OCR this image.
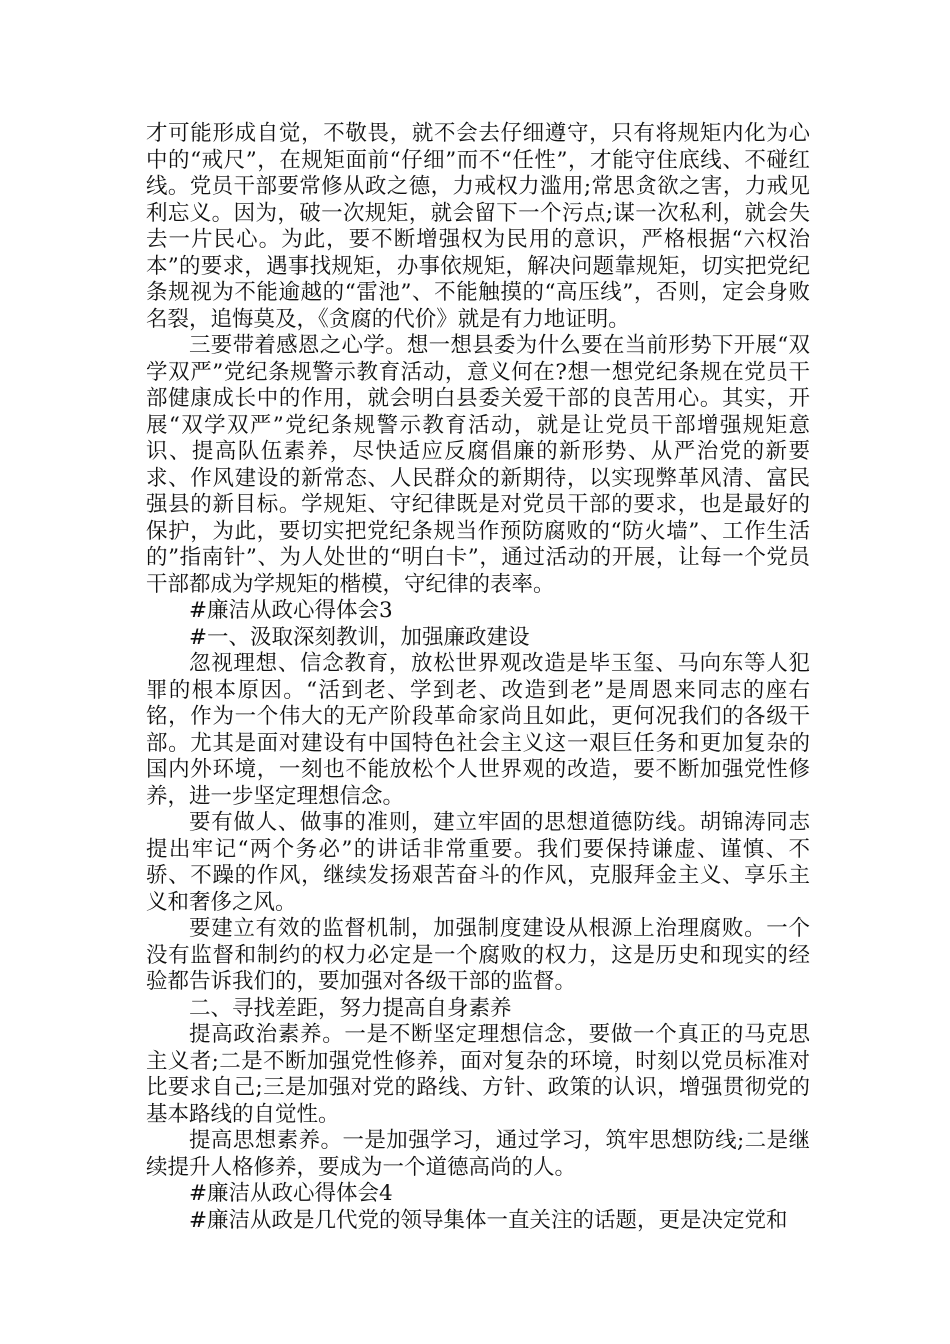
才可能形成自觉，不敬畏，就不会去仔细遵守，只有将规矩内化为心中的“戒尺”，在规矩面前“仔细”而不“任性”，才能守住底线、不碰红线。党员干部要常修从政之德，力戒权力滥用;常思贪欲之害，力戒见利忘义。因为，破一次规矩，就会留下一个污点;谋一次私利，就会失去一片民心。为此，要不断增强权为民用的意识，严格根据“六权治本”的要求，遇事找规矩，办事依规矩，解决问题靠规矩，切实把党纪条规视为不能逾越的“雷池”、不能触摸的“高压线”，否则，定会身败名裂，追悔莫及，《贪腐的代价》就是有力地证明。

三要带着感恩之心学。想一想县委为什么要在当前形势下开展“双学双严”党纪条规警示教育活动，意义何在?想一想党纪条规在党员干部健康成长中的作用，就会明白县委关爱干部的良苦用心。其实，开展“双学双严”党纪条规警示教育活动，就是让党员干部增强规矩意识、提高队伍素养，尽快适应反腐倡廉的新形势、从严治党的新要求、作风建设的新常态、人民群众的新期待，以实现弊革风清、富民强县的新目标。学规矩、守纪律既是对党员干部的要求，也是最好的保护，为此，要切实把党纪条规当作预防腐败的“防火墙”、工作生活的”指南针”、为人处世的“明白卡”，通过活动的开展，让每一个党员干部都成为学规矩的楷模，守纪律的表率。

#廉洁从政心得体会3

#一、汲取深刻教训，加强廉政建设

忽视理想、信念教育，放松世界观改造是毕玉玺、马向东等人犯罪的根本原因。“活到老、学到老、改造到老”是周恩来同志的座右铭，作为一个伟大的无产阶段革命家尚且如此，更何况我们的各级干部。尤其是面对建设有中国特色社会主义这一艰巨任务和更加复杂的国内外环境，一刻也不能放松个人世界观的改造，要不断加强党性修养，进一步坚定理想信念。

要有做人、做事的准则，建立牢固的思想道德防线。胡锦涛同志提出牢记“两个务必”的讲话非常重要。我们要保持谦虚、谨慎、不骄、不躁的作风，继续发扬艰苦奋斗的作风，克服拜金主义、享乐主义和奢侈之风。

要建立有效的监督机制，加强制度建设从根源上治理腐败。一个没有监督和制约的权力必定是一个腐败的权力，这是历史和现实的经验都告诉我们的，要加强对各级干部的监督。

二、寻找差距，努力提高自身素养

提高政治素养。一是不断坚定理想信念，要做一个真正的马克思主义者;二是不断加强党性修养，面对复杂的环境，时刻以党员标准对比要求自己;三是加强对党的路线、方针、政策的认识，增强贯彻党的基本路线的自觉性。

提高思想素养。一是加强学习，通过学习，筑牢思想防线;二是继续提升人格修养，要成为一个道德高尚的人。

#廉洁从政心得体会4

#廉洁从政是几代党的领导集体一直关注的话题，更是决定党和
